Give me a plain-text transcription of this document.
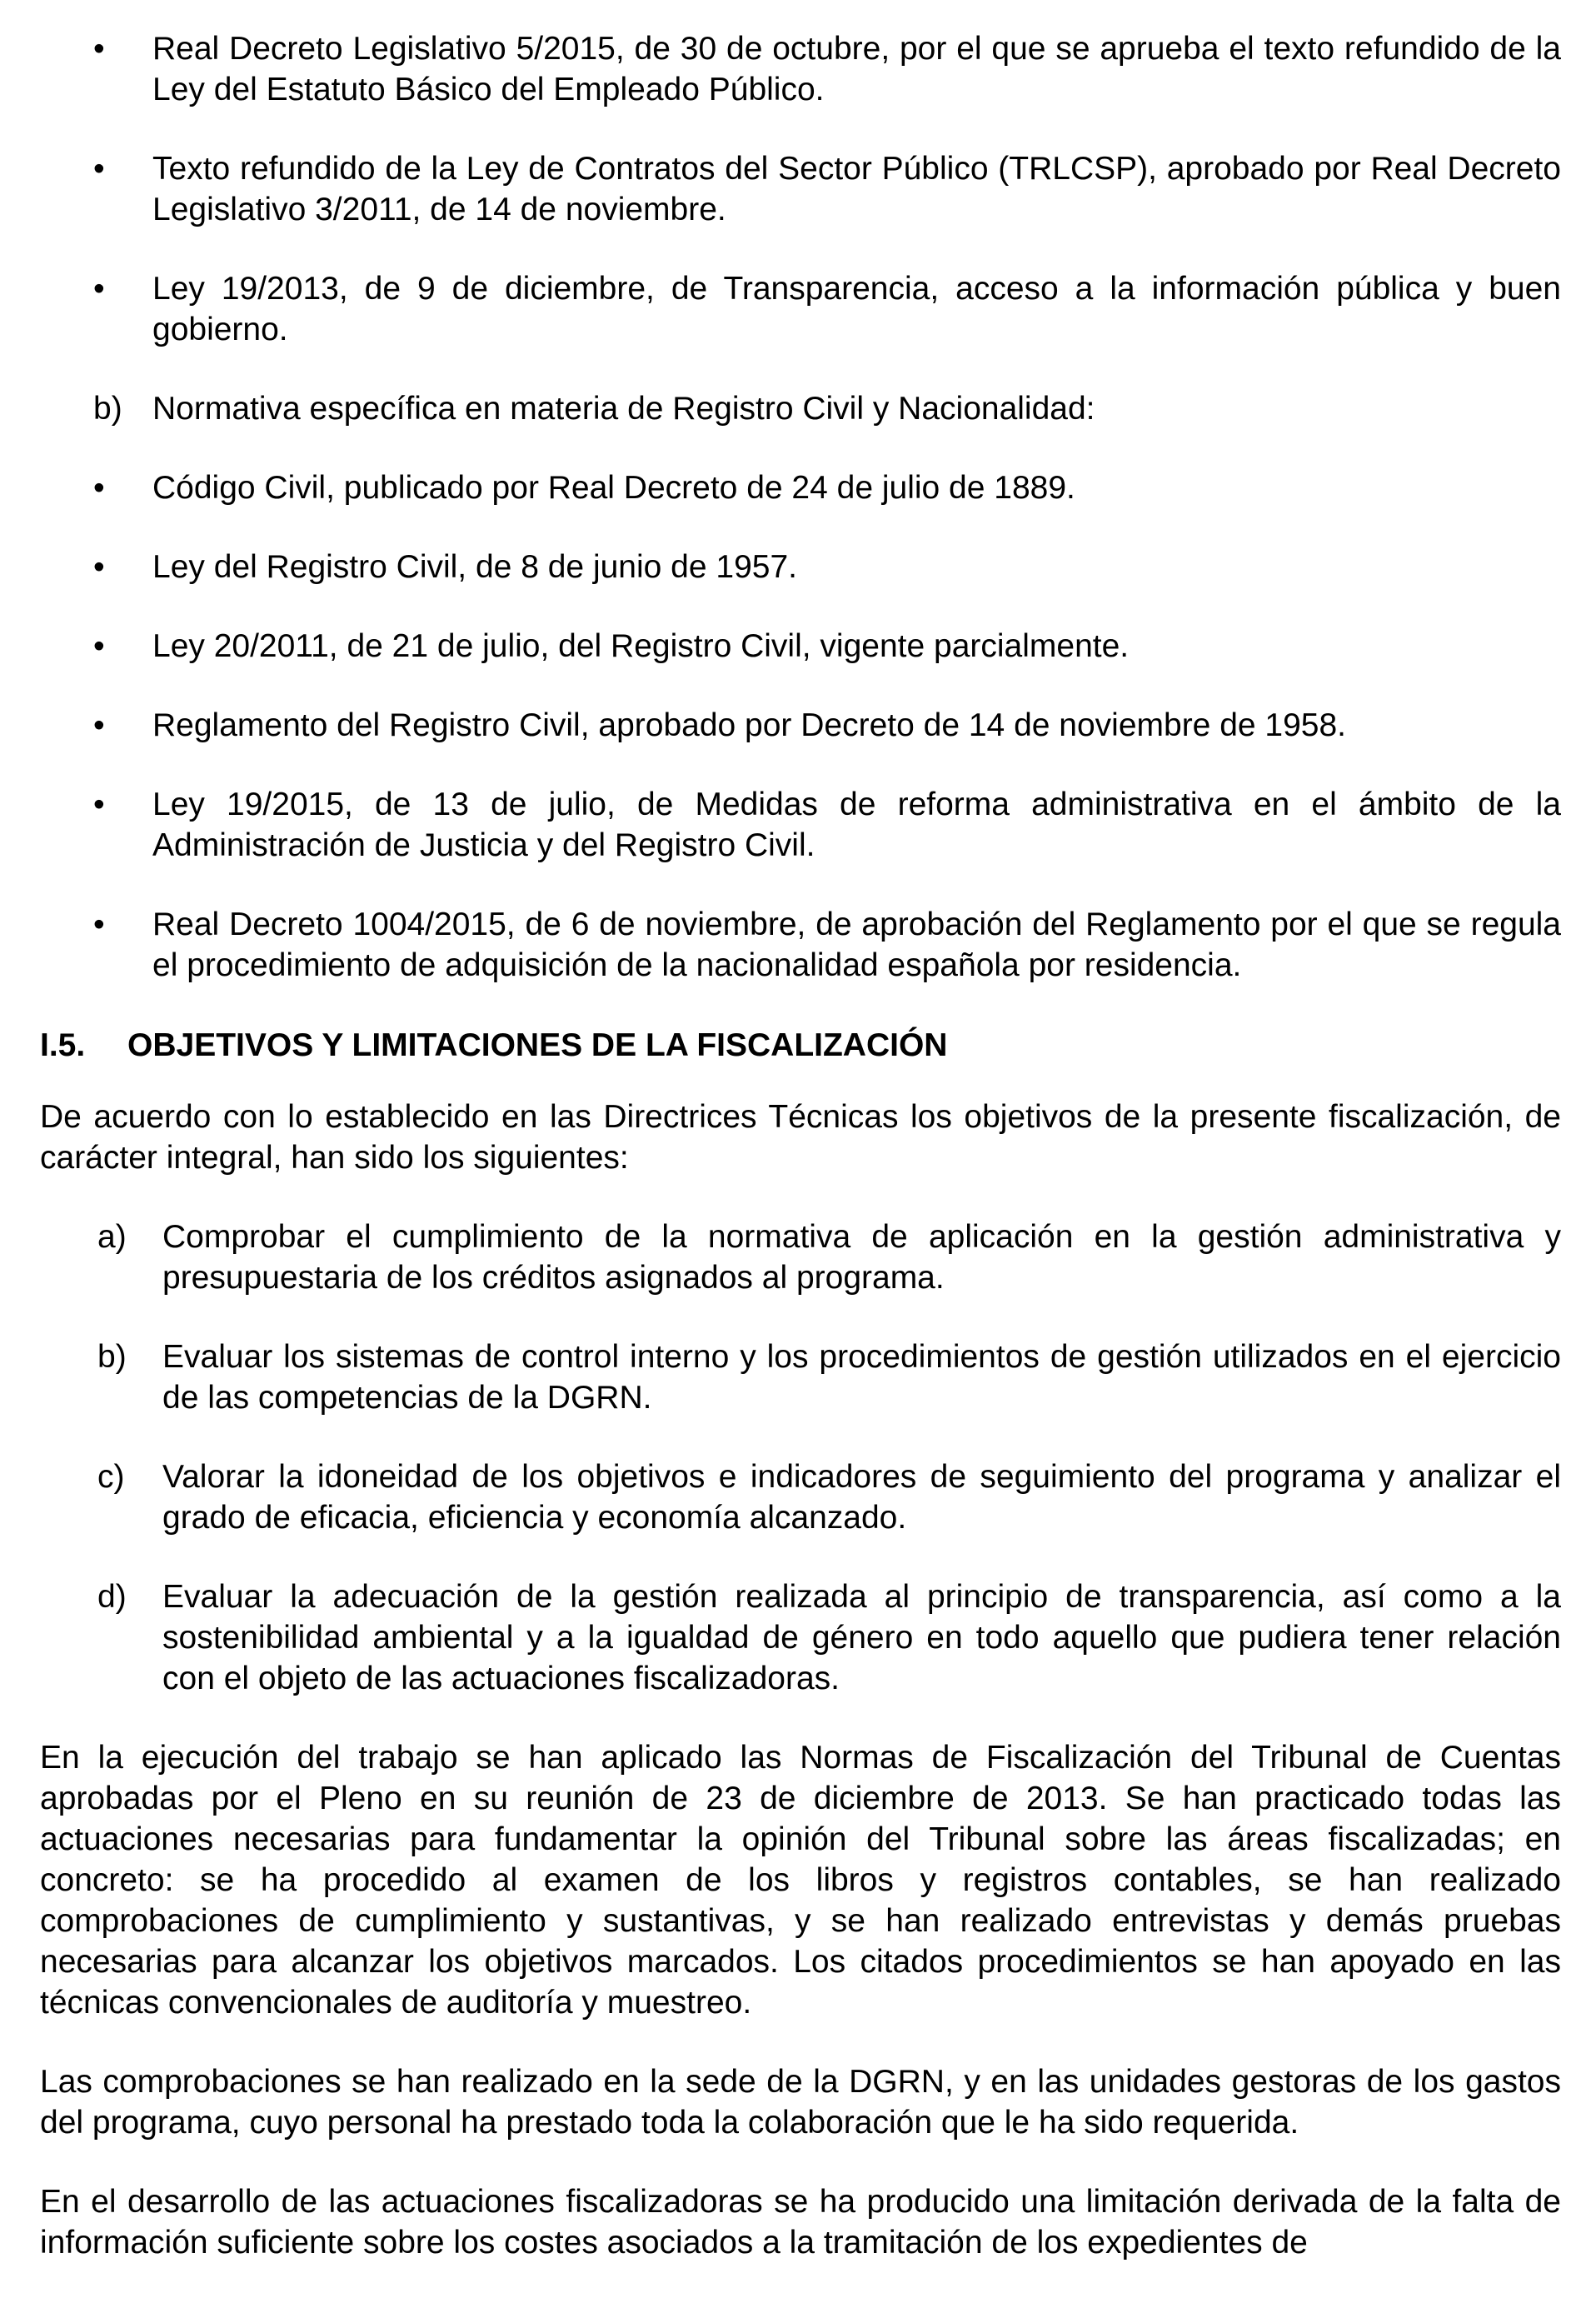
•	Real Decreto Legislativo 5/2015, de 30 de octubre, por el que se aprueba el texto refundido de la Ley del Estatuto Básico del Empleado Público.
•	Texto refundido de la Ley de Contratos del Sector Público (TRLCSP), aprobado por Real Decreto Legislativo 3/2011, de 14 de noviembre.
•	Ley 19/2013, de 9 de diciembre, de Transparencia, acceso a la información pública y buen gobierno.
b) Normativa específica en materia de Registro Civil y Nacionalidad:
•	Código Civil, publicado por Real Decreto de 24 de julio de 1889.
•	Ley del Registro Civil, de 8 de junio de 1957.
•	Ley 20/2011, de 21 de julio, del Registro Civil, vigente parcialmente.
•	Reglamento del Registro Civil, aprobado por Decreto de 14 de noviembre de 1958.
•	Ley 19/2015, de 13 de julio, de Medidas de reforma administrativa en el ámbito de la Administración de Justicia y del Registro Civil.
•	Real Decreto 1004/2015, de 6 de noviembre, de aprobación del Reglamento por el que se regula el procedimiento de adquisición de la nacionalidad española por residencia.
I.5.	OBJETIVOS Y LIMITACIONES DE LA FISCALIZACIÓN
De acuerdo con lo establecido en las Directrices Técnicas los objetivos de la presente fiscalización, de carácter integral, han sido los siguientes:
a)	Comprobar el cumplimiento de la normativa de aplicación en la gestión administrativa y presupuestaria de los créditos asignados al programa.
b)	Evaluar los sistemas de control interno y los procedimientos de gestión utilizados en el ejercicio de las competencias de la DGRN.
c)	Valorar la idoneidad de los objetivos e indicadores de seguimiento del programa y analizar el grado de eficacia, eficiencia y economía alcanzado.
d)	Evaluar la adecuación de la gestión realizada al principio de transparencia, así como a la sostenibilidad ambiental y a la igualdad de género en todo aquello que pudiera tener relación con el objeto de las actuaciones fiscalizadoras.
En la ejecución del trabajo se han aplicado las Normas de Fiscalización del Tribunal de Cuentas aprobadas por el Pleno en su reunión de 23 de diciembre de 2013. Se han practicado todas las actuaciones necesarias para fundamentar la opinión del Tribunal sobre las áreas fiscalizadas; en concreto: se ha procedido al examen de los libros y registros contables, se han realizado comprobaciones de cumplimiento y sustantivas, y se han realizado entrevistas y demás pruebas necesarias para alcanzar los objetivos marcados. Los citados procedimientos se han apoyado en las técnicas convencionales de auditoría y muestreo.
Las comprobaciones se han realizado en la sede de la DGRN, y en las unidades gestoras de los gastos del programa, cuyo personal ha prestado toda la colaboración que le ha sido requerida.
En el desarrollo de las actuaciones fiscalizadoras se ha producido una limitación derivada de la falta de información suficiente sobre los costes asociados a la tramitación de los expedientes de
